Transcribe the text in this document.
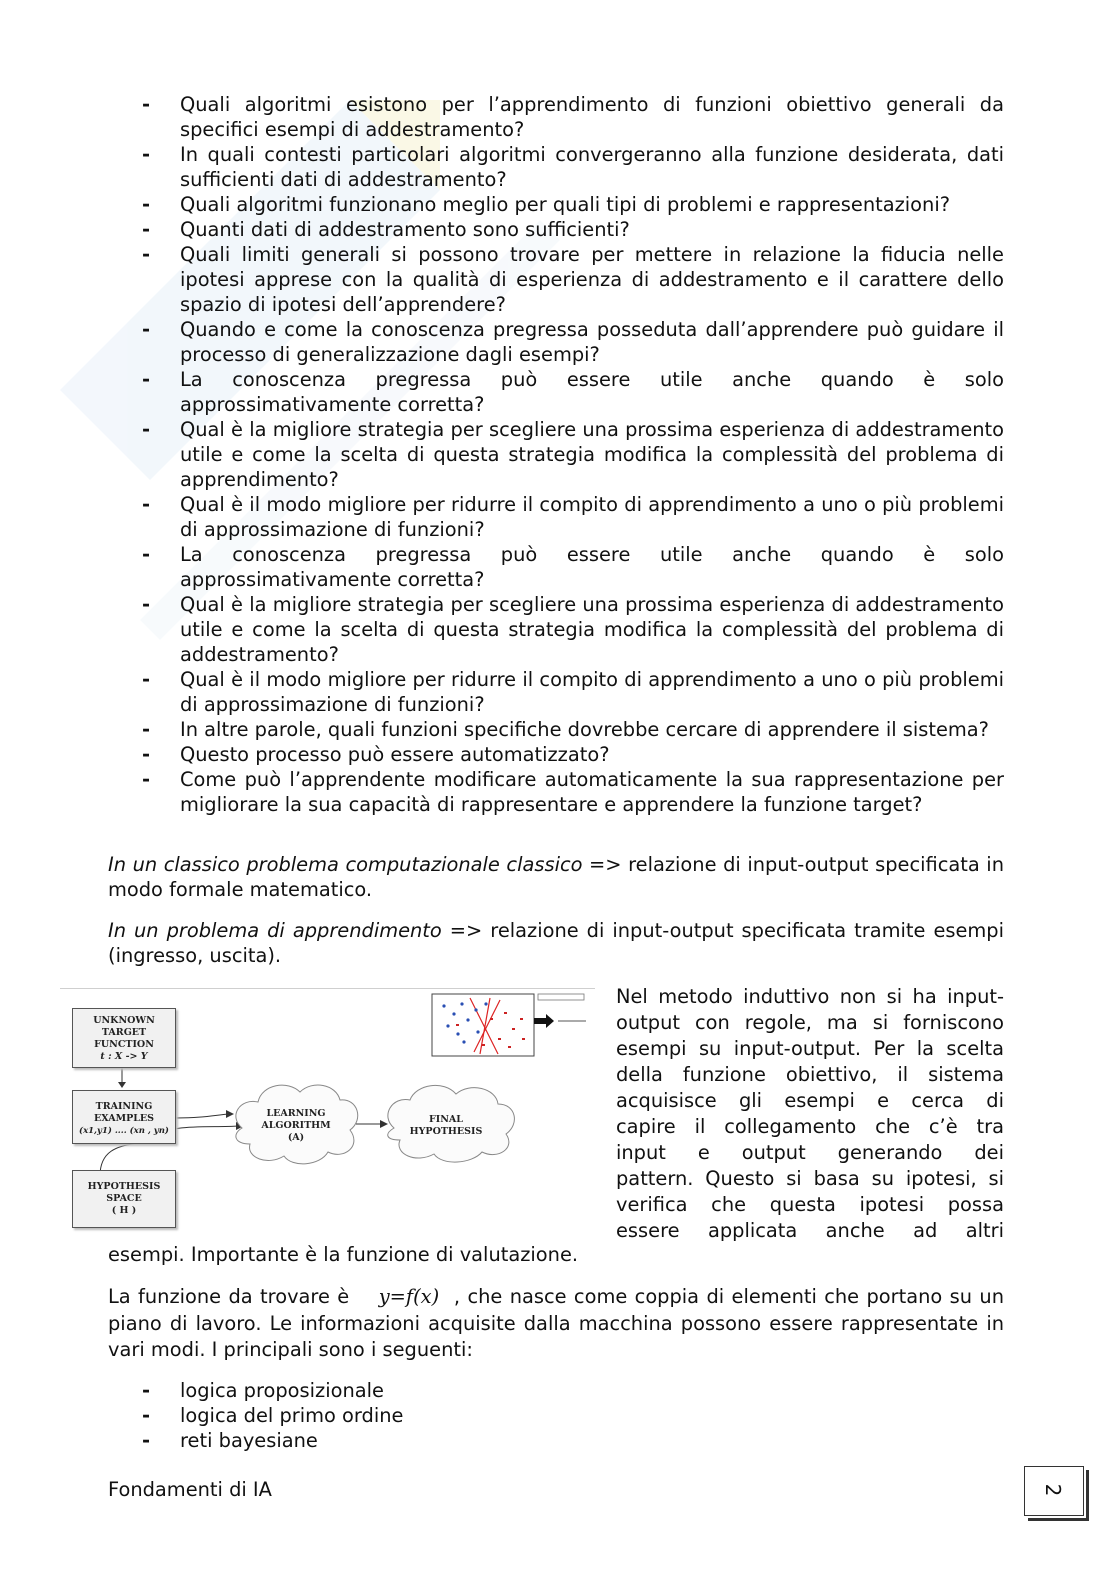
- Quali algoritmi esistono per l’apprendimento di funzioni obiettivo generali da specifici esempi di addestramento?
- In quali contesti particolari algoritmi convergeranno alla funzione desiderata, dati sufficienti dati di addestramento?
- Quali algoritmi funzionano meglio per quali tipi di problemi e rappresentazioni?
- Quanti dati di addestramento sono sufficienti?
- Quali limiti generali si possono trovare per mettere in relazione la fiducia nelle ipotesi apprese con la qualità di esperienza di addestramento e il carattere dello spazio di ipotesi dell’apprendere?
- Quando e come la conoscenza pregressa posseduta dall’apprendere può guidare il processo di generalizzazione dagli esempi?
- La conoscenza pregressa può essere utile anche quando è solo approssimativamente corretta?
- Qual è la migliore strategia per scegliere una prossima esperienza di addestramento utile e come la scelta di questa strategia modifica la complessità del problema di apprendimento?
- Qual è il modo migliore per ridurre il compito di apprendimento a uno o più problemi di approssimazione di funzioni?
- La conoscenza pregressa può essere utile anche quando è solo approssimativamente corretta?
- Qual è la migliore strategia per scegliere una prossima esperienza di addestramento utile e come la scelta di questa strategia modifica la complessità del problema di addestramento?
- Qual è il modo migliore per ridurre il compito di apprendimento a uno o più problemi di approssimazione di funzioni?
- In altre parole, quali funzioni specifiche dovrebbe cercare di apprendere il sistema?
- Questo processo può essere automatizzato?
- Come può l’apprendente modificare automaticamente la sua rappresentazione per migliorare la sua capacità di rappresentare e apprendere la funzione target?

In un classico problema computazionale classico => relazione di input-output specificata in modo formale matematico.

In un problema di apprendimento => relazione di input-output specificata tramite esempi (ingresso, uscita).

UNKNOWN
TARGET
FUNCTION
t : X -> Y
TRAINING
EXAMPLES
(x1,y1) .... (xn , yn)
HYPOTHESIS
SPACE
( H )
LEARNING
ALGORITHM
(A)
FINAL
HYPOTHESIS

Nel metodo induttivo non si ha input-

output con regole, ma si forniscono

esempi su input-output. Per la scelta

della funzione obiettivo, il sistema

acquisisce gli esempi e cerca di

capire il collegamento che c’è tra

input e output generando dei

pattern. Questo si basa su ipotesi, si

verifica che questa ipotesi possa

essere applicata anche ad altri

esempi. Importante è la funzione di valutazione.

La funzione da trovare è y=f(x) , che nasce come coppia di elementi che portano su un piano di lavoro. Le informazioni acquisite dalla macchina possono essere rappresentate in vari modi. I principali sono i seguenti:

- logica proposizionale
- logica del primo ordine
- reti bayesiane
Fondamenti di IA	2
